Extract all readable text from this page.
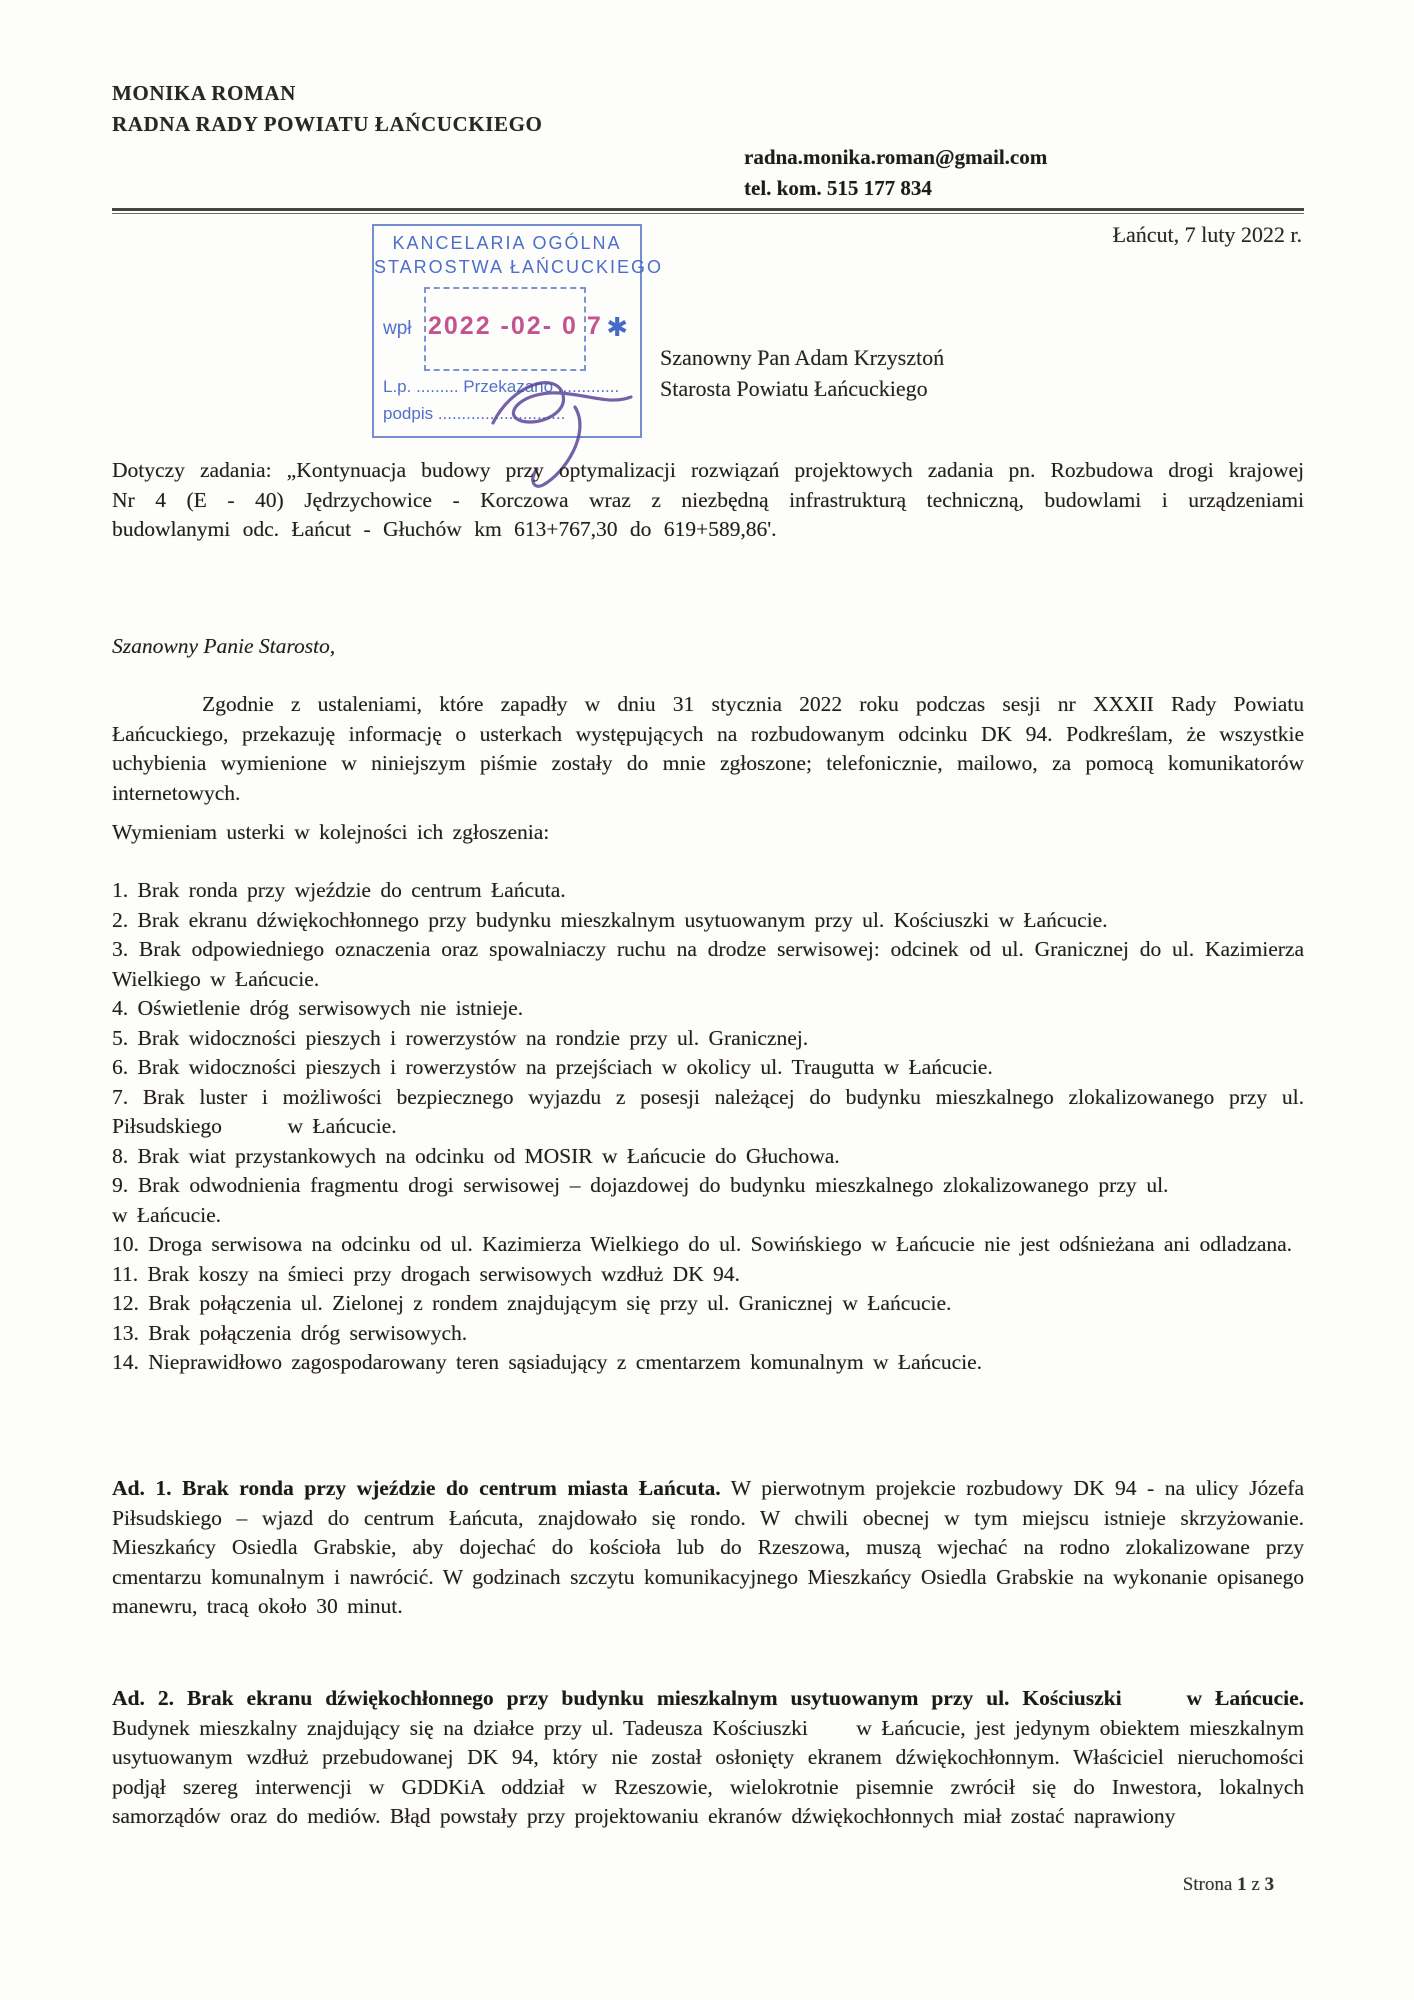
MONIKA ROMAN
RADNA RADY POWIATU ŁAŃCUCKIEGO
radna.monika.roman@gmail.com
tel. kom. 515 177 834
Łańcut, 7 luty 2022 r.
KANCELARIA OGÓLNA
STAROSTWA ŁAŃCUCKIEGO
wpł 2022 -02- 0 7 ✱
L.p. ......... Przekazano .............
podpis ...........................
Szanowny Pan Adam Krzysztoń
Starosta Powiatu Łańcuckiego
Dotyczy zadania: „Kontynuacja budowy przy optymalizacji rozwiązań projektowych zadania pn. Rozbudowa drogi krajowej Nr 4 (E - 40) Jędrzychowice - Korczowa wraz z niezbędną infrastrukturą techniczną, budowlami i urządzeniami budowlanymi odc. Łańcut - Głuchów km 613+767,30 do 619+589,86'.
Szanowny Panie Starosto,
Zgodnie z ustaleniami, które zapadły w dniu 31 stycznia 2022 roku podczas sesji nr XXXII Rady Powiatu Łańcuckiego, przekazuję informację o usterkach występujących na rozbudowanym odcinku DK 94. Podkreślam, że wszystkie uchybienia wymienione w niniejszym piśmie zostały do mnie zgłoszone; telefonicznie, mailowo, za pomocą komunikatorów internetowych.
Wymieniam usterki w kolejności ich zgłoszenia:
1. Brak ronda przy wjeździe do centrum Łańcuta.
2. Brak ekranu dźwiękochłonnego przy budynku mieszkalnym usytuowanym przy ul. Kościuszki w Łańcucie.
3. Brak odpowiedniego oznaczenia oraz spowalniaczy ruchu na drodze serwisowej: odcinek od ul. Granicznej do ul. Kazimierza Wielkiego w Łańcucie.
4. Oświetlenie dróg serwisowych nie istnieje.
5. Brak widoczności pieszych i rowerzystów na rondzie przy ul. Granicznej.
6. Brak widoczności pieszych i rowerzystów na przejściach w okolicy ul. Traugutta w Łańcucie.
7. Brak luster i możliwości bezpiecznego wyjazdu z posesji należącej do budynku mieszkalnego zlokalizowanego przy ul. Piłsudskiego       w Łańcucie.
8. Brak wiat przystankowych na odcinku od MOSIR w Łańcucie do Głuchowa.
9. Brak odwodnienia fragmentu drogi serwisowej – dojazdowej do budynku mieszkalnego zlokalizowanego przy ul.               w Łańcucie.
10. Droga serwisowa na odcinku od ul. Kazimierza Wielkiego do ul. Sowińskiego w Łańcucie nie jest odśnieżana ani odladzana.
11. Brak koszy na śmieci przy drogach serwisowych wzdłuż DK 94.
12. Brak połączenia ul. Zielonej z rondem znajdującym się przy ul. Granicznej w Łańcucie.
13. Brak połączenia dróg serwisowych.
14. Nieprawidłowo zagospodarowany teren sąsiadujący z cmentarzem komunalnym w Łańcucie.
Ad. 1. Brak ronda przy wjeździe do centrum miasta Łańcuta. W pierwotnym projekcie rozbudowy DK 94 - na ulicy Józefa Piłsudskiego – wjazd do centrum Łańcuta, znajdowało się rondo. W chwili obecnej w tym miejscu istnieje skrzyżowanie. Mieszkańcy Osiedla Grabskie, aby dojechać do kościoła lub do Rzeszowa, muszą wjechać na rodno zlokalizowane przy cmentarzu komunalnym i nawrócić. W godzinach szczytu komunikacyjnego Mieszkańcy Osiedla Grabskie na wykonanie opisanego manewru, tracą około 30 minut.
Ad. 2. Brak ekranu dźwiękochłonnego przy budynku mieszkalnym usytuowanym przy ul. Kościuszki     w Łańcucie. Budynek mieszkalny znajdujący się na działce przy ul. Tadeusza Kościuszki     w Łańcucie, jest jedynym obiektem mieszkalnym usytuowanym wzdłuż przebudowanej DK 94, który nie został osłonięty ekranem dźwiękochłonnym. Właściciel nieruchomości podjął szereg interwencji w GDDKiA oddział w Rzeszowie, wielokrotnie pisemnie zwrócił się do Inwestora, lokalnych samorządów oraz do mediów. Błąd powstały przy projektowaniu ekranów dźwiękochłonnych miał zostać naprawiony
Strona 1 z 3
